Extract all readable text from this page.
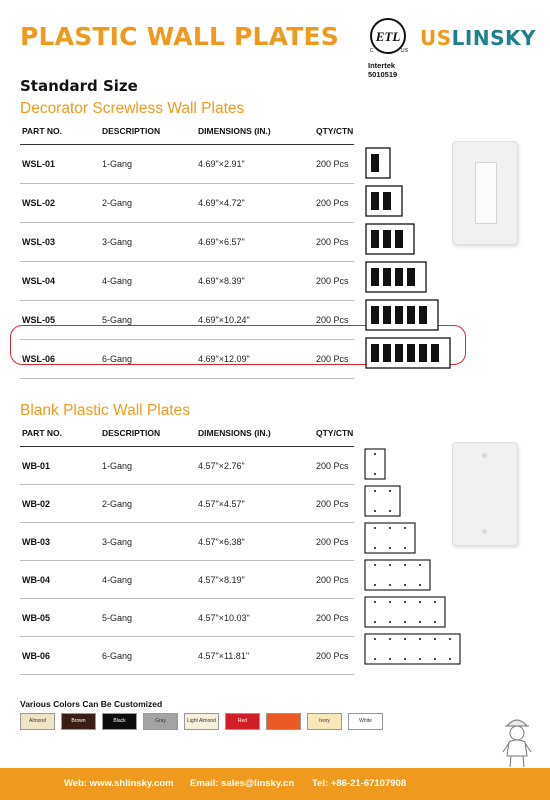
PLASTIC WALL PLATES	ETL
C	US
Intertek
5010519
USLINSKY
Standard Size
Decorator Screwless Wall Plates
PART NO.	DESCRIPTION	DIMENSIONS (IN.)	QTY/CTN
WSL-01	1-Gang	4.69"×2.91"	200 Pcs
WSL-02	2-Gang	4.69"×4.72"	200 Pcs
WSL-03	3-Gang	4.69"×6.57"	200 Pcs
WSL-04	4-Gang	4.69"×8.39"	200 Pcs
WSL-05	5-Gang	4.69"×10.24"	200 Pcs
WSL-06	6-Gang	4.69"×12.09"	200 Pcs
Blank Plastic Wall Plates
PART NO.	DESCRIPTION	DIMENSIONS (IN.)	QTY/CTN
WB-01	1-Gang	4.57"×2.76"	200 Pcs
WB-02	2-Gang	4.57"×4.57"	200 Pcs
WB-03	3-Gang	4.57"×6.38"	200 Pcs
WB-04	4-Gang	4.57"×8.19"	200 Pcs
WB-05	5-Gang	4.57"×10.03"	200 Pcs
WB-06	6-Gang	4.57"×11.81"	200 Pcs

Various Colors Can Be Customized

Almond	Brown	Black	Gray	Light Almond	Red	Ivory	White
Web: www.shlinsky.com Email: sales@linsky.cn Tel: +86-21-67107908
